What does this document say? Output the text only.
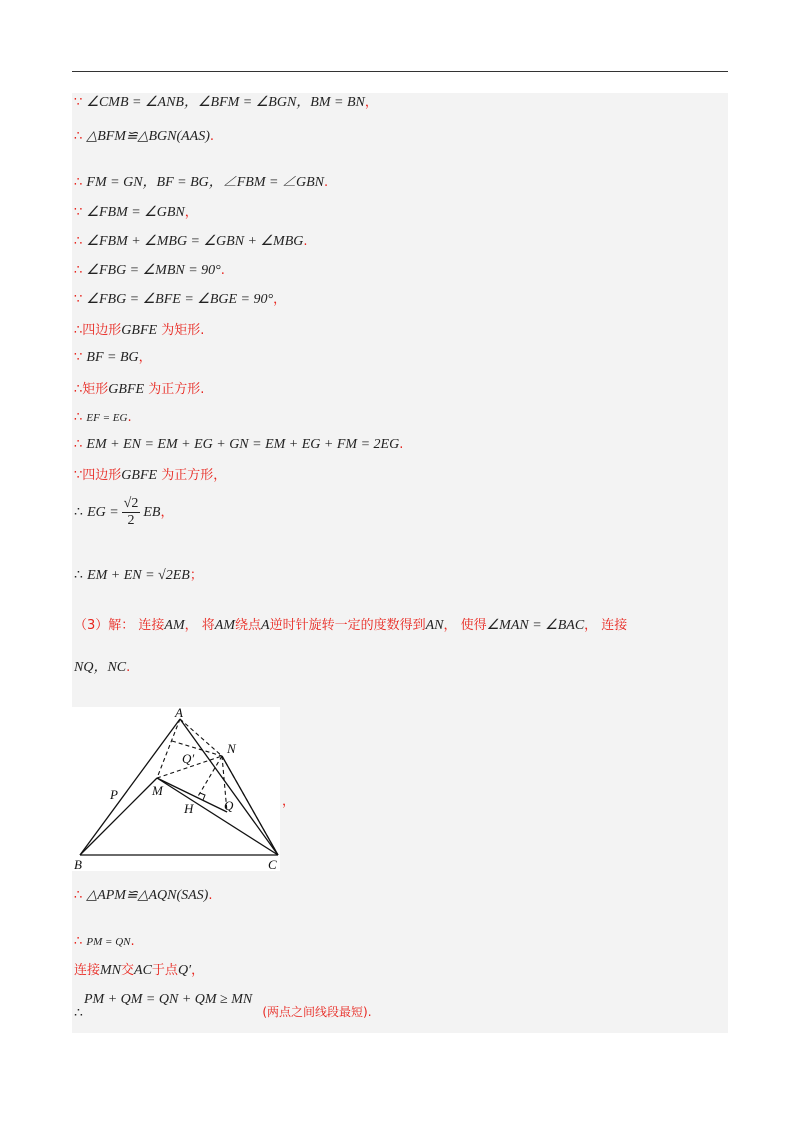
∵ ∠CMB = ∠ANB，∠BFM = ∠BGN，BM = BN，
∴ △BFM≌△BGN(AAS).
∴ FM = GN，BF = BG，∠FBM = ∠GBN.
∵ ∠FBM = ∠GBN，
∴ ∠FBM + ∠MBG = ∠GBN + ∠MBG.
∴ ∠FBG = ∠MBN = 90°.
∵ ∠FBG = ∠BFE = ∠BGE = 90°，
∴四边形GBFE 为矩形.
∵ BF = BG，
∴矩形GBFE 为正方形.
∴ EF = EG.
∴ EM + EN = EM + EG + GN = EM + EG + FM = 2EG.
∵四边形GBFE 为正方形，
∴ EG = $\frac{√2}{2}$ EB，
∴ EM + EN = √2EB；
（3）解： 连接AM， 将AM绕点A逆时针旋转一定的度数得到AN， 使得∠MAN = ∠BAC， 连接
NQ，NC.
A
N
Q′
P	M
H Q
B	C
，
∴ △APM≌△AQN(SAS).
∴ PM = QN.
连接MN交AC于点Q′，
PM + QM = QN + QM ≥ MN (两点之间线段最短).
∴
